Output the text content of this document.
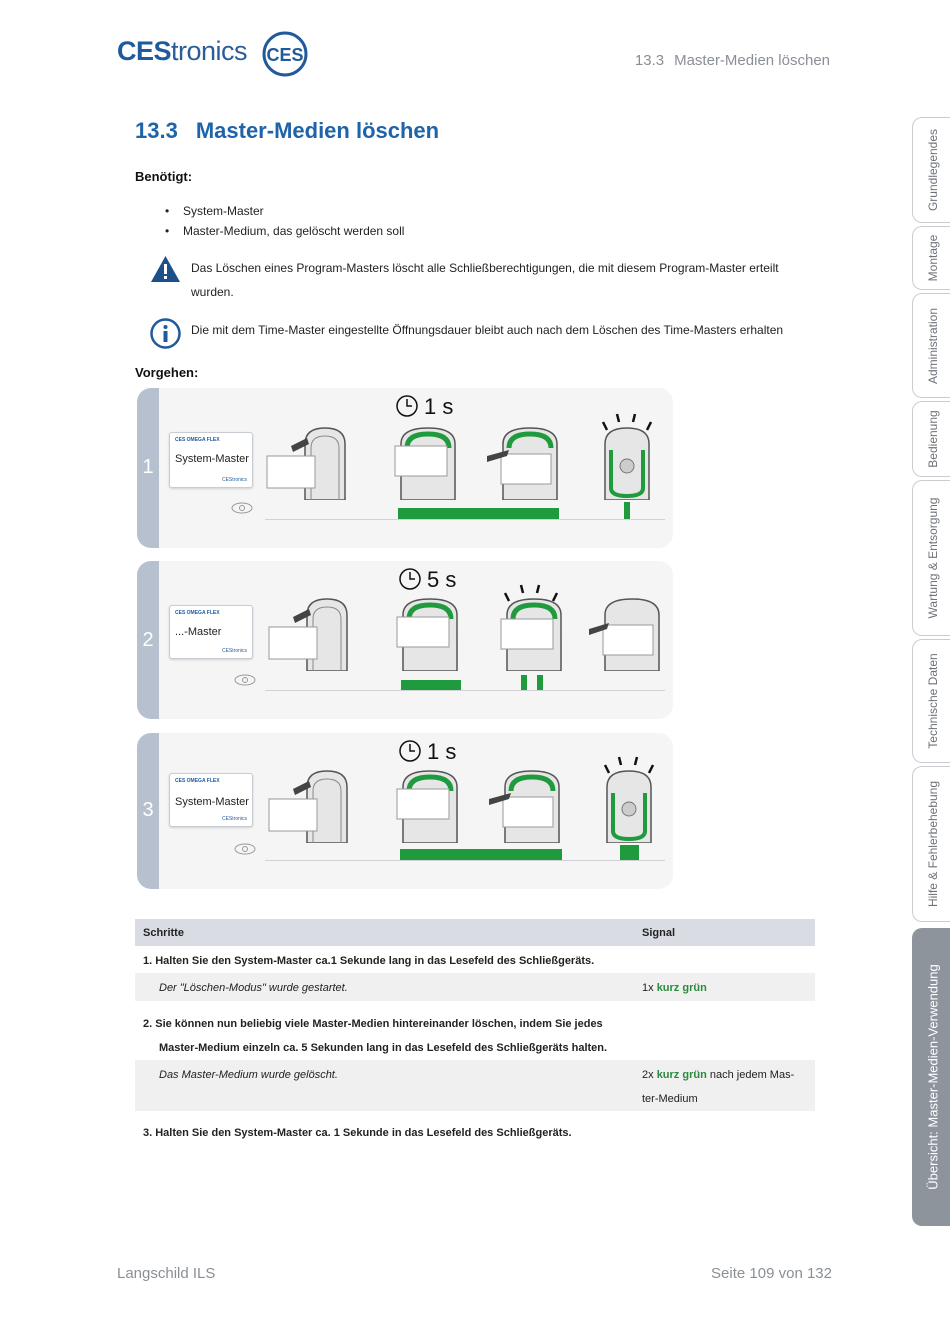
CEStronics CES	13.3 Master-Medien löschen
13.3 Master-Medien löschen
Benötigt:
• System-Master
• Master-Medium, das gelöscht werden soll
Das Löschen eines Program-Masters löscht alle Schließberechtigungen, die mit diesem Program-Master erteilt wurden.
Die mit dem Time-Master eingestellte Öffnungsdauer bleibt auch nach dem Löschen des Time-Masters erhalten
Vorgehen:
1
1 s
CES OMEGA FLEX
System-Master
CEStronics
2
5 s
CES OMEGA FLEX
...-Master
CEStronics
3
1 s
CES OMEGA FLEX
System-Master
CEStronics
Schritte	Signal
1. Halten Sie den System-Master ca.1 Sekunde lang in das Lesefeld des Schließgeräts.
Der "Löschen-Modus" wurde gestartet.	1x kurz grün
2. Sie können nun beliebig viele Master-Medien hintereinander löschen, indem Sie jedes
Master-Medium einzeln ca. 5 Sekunden lang in das Lesefeld des Schließgeräts halten.
Das Master-Medium wurde gelöscht.	2x kurz grün nach jedem Mas-
ter-Medium
3. Halten Sie den System-Master ca. 1 Sekunde in das Lesefeld des Schließgeräts.
Grundlegendes
Montage
Administration
Bedienung
Wartung & Entsorgung
Technische Daten
Hilfe & Fehlerbehebung
Übersicht: Master-Medien-Verwendung
Langschild ILS	Seite 109 von 132
